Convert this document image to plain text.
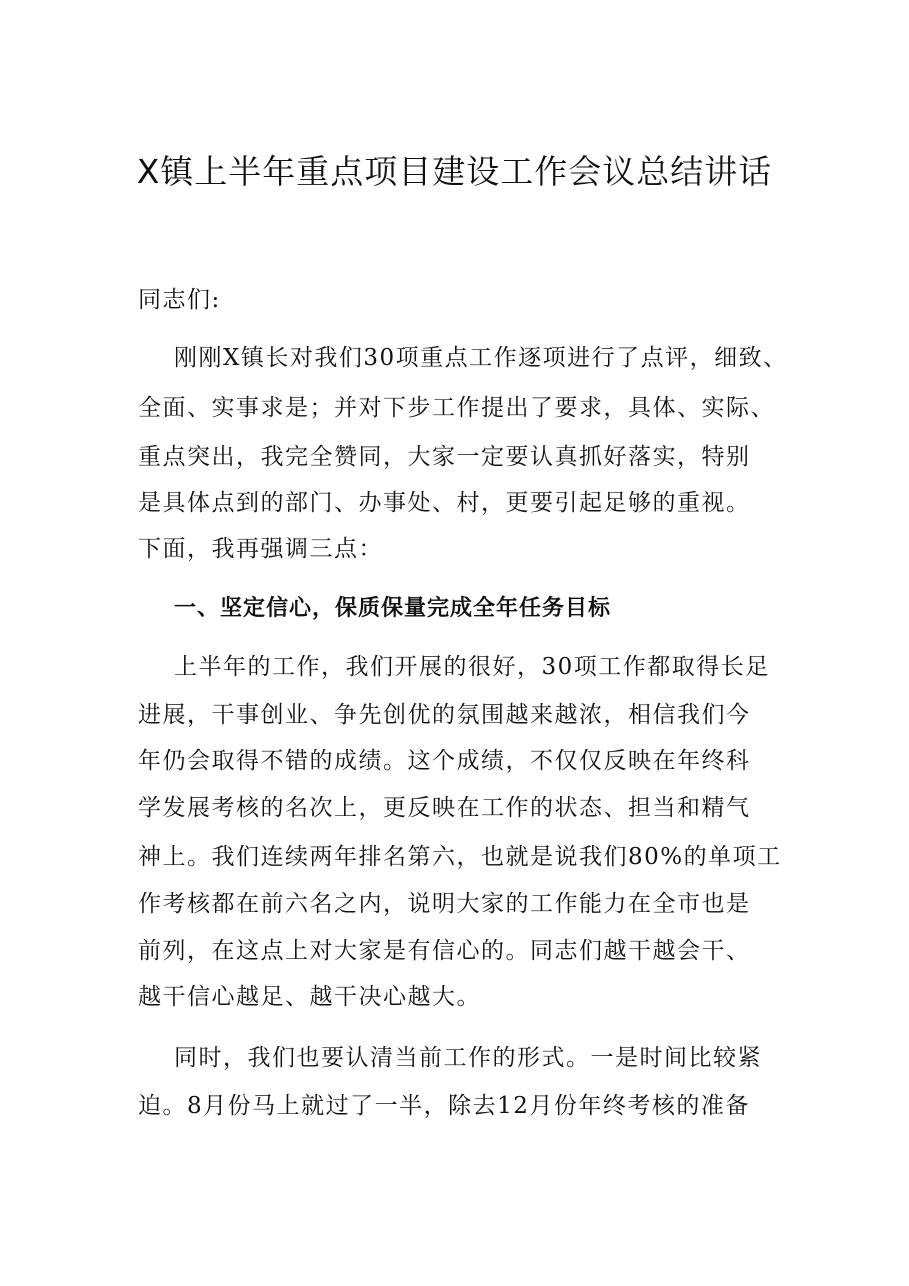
X镇上半年重点项目建设工作会议总结讲话
同志们:
刚刚X镇长对我们30项重点工作逐项进行了点评，细致、
全面、实事求是；并对下步工作提出了要求，具体、实际、
重点突出，我完全赞同，大家一定要认真抓好落实，特别
是具体点到的部门、办事处、村，更要引起足够的重视。
下面，我再强调三点：
一、坚定信心，保质保量完成全年任务目标
上半年的工作，我们开展的很好，30项工作都取得长足
进展，干事创业、争先创优的氛围越来越浓，相信我们今
年仍会取得不错的成绩。这个成绩，不仅仅反映在年终科
学发展考核的名次上，更反映在工作的状态、担当和精气
神上。我们连续两年排名第六，也就是说我们80%的单项工
作考核都在前六名之内，说明大家的工作能力在全市也是
前列，在这点上对大家是有信心的。同志们越干越会干、
越干信心越足、越干决心越大。
同时，我们也要认清当前工作的形式。一是时间比较紧
迫。8月份马上就过了一半，除去12月份年终考核的准备
